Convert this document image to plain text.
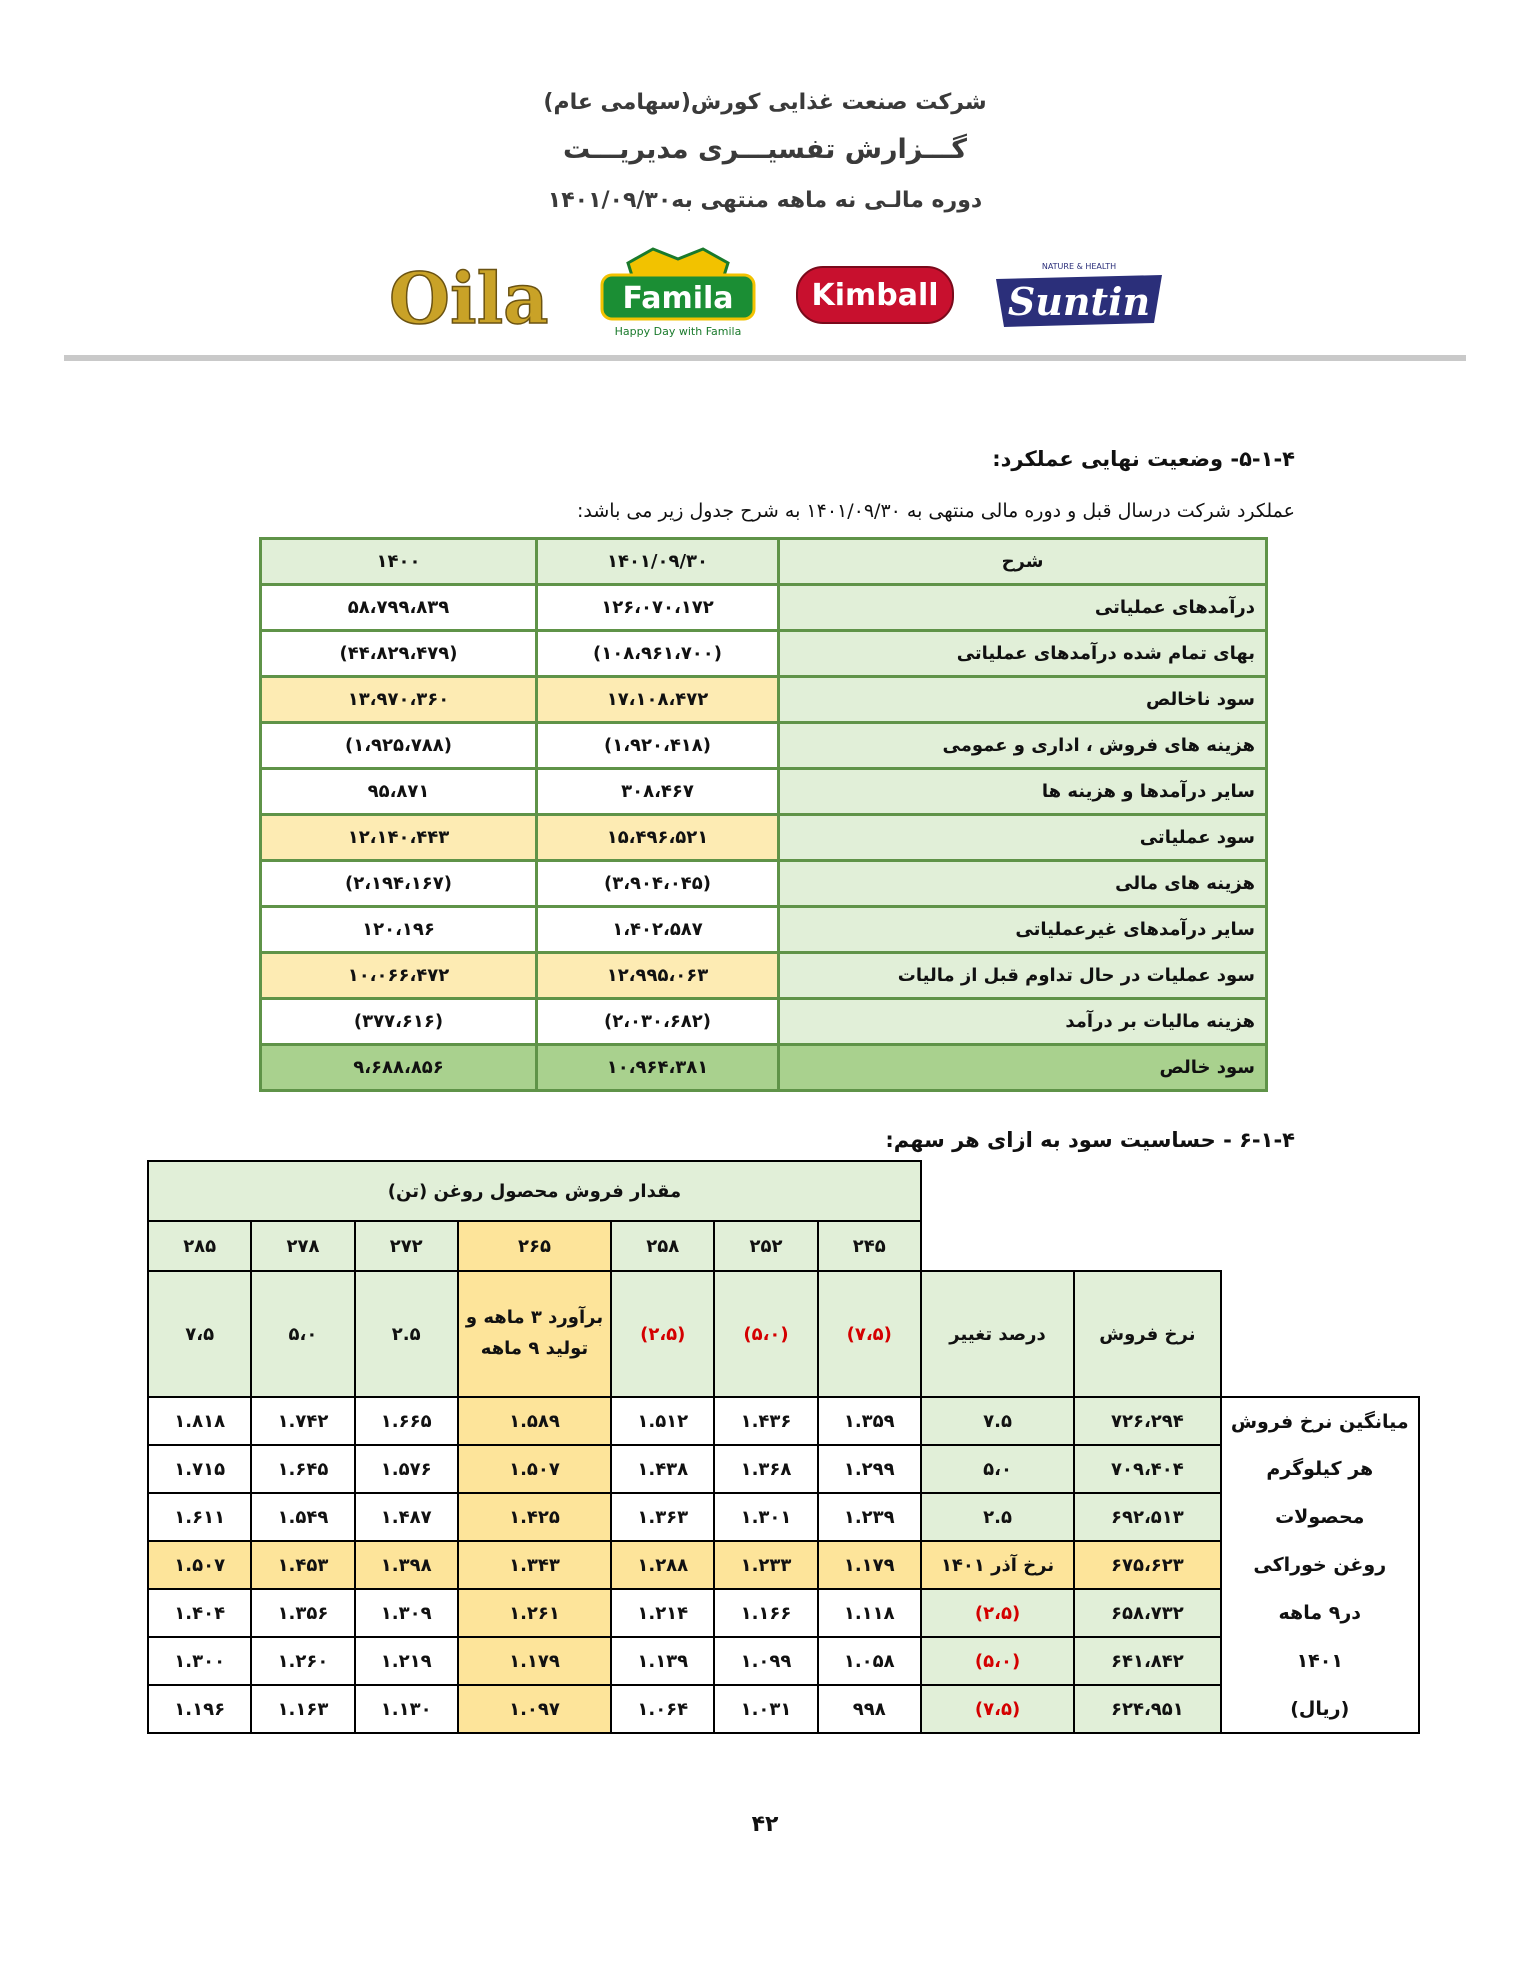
شرکت صنعت غذایی کورش(سهامی عام)
گـــزارش تفسیـــری مدیریـــت
دوره مالـی نه ماهه منتهی به۱۴۰۱/۰۹/۳۰
Oila Famila
Happy Day with Famila
Kimball
NATURE & HEALTH
Suntin
۵-۱-۴- وضعیت نهایی عملکرد:
عملکرد شرکت درسال قبل و دوره مالی منتهی به ۱۴۰۱/۰۹/۳۰ به شرح جدول زیر می باشد:
شرح	۱۴۰۱/۰۹/۳۰	۱۴۰۰
درآمدهای عملیاتی	۱۲۶،۰۷۰،۱۷۲	۵۸،۷۹۹،۸۳۹
بهای تمام شده درآمدهای عملیاتی	(۱۰۸،۹۶۱،۷۰۰)	(۴۴،۸۲۹،۴۷۹)
سود ناخالص	۱۷،۱۰۸،۴۷۲	۱۳،۹۷۰،۳۶۰
هزینه های فروش ، اداری و عمومی	(۱،۹۲۰،۴۱۸)	(۱،۹۲۵،۷۸۸)
سایر درآمدها و هزینه ها	۳۰۸،۴۶۷	۹۵،۸۷۱
سود عملیاتی	۱۵،۴۹۶،۵۲۱	۱۲،۱۴۰،۴۴۳
هزینه های مالی	(۳،۹۰۴،۰۴۵)	(۲،۱۹۴،۱۶۷)
سایر درآمدهای غیرعملیاتی	۱،۴۰۲،۵۸۷	۱۲۰،۱۹۶
سود عملیات در حال تداوم قبل از مالیات	۱۲،۹۹۵،۰۶۳	۱۰،۰۶۶،۴۷۲
هزینه مالیات بر درآمد	(۲،۰۳۰،۶۸۲)	(۳۷۷،۶۱۶)
سود خالص	۱۰،۹۶۴،۳۸۱	۹،۶۸۸،۸۵۶
۶-۱-۴ - حساسیت سود به ازای هر سهم:
			مقدار فروش محصول روغن (تن)						
			۲۴۵	۲۵۲	۲۵۸	۲۶۵	۲۷۲	۲۷۸	۲۸۵
	نرخ فروش	درصد تغییر	(۷،۵)	(۵،۰)	(۲،۵)	برآورد ۳ ماهه و تولید ۹ ماهه	۲.۵	۵،۰	۷،۵
میانگین نرخ فروش	۷۲۶،۲۹۴	۷.۵	۱.۳۵۹	۱.۴۳۶	۱.۵۱۲	۱.۵۸۹	۱.۶۶۵	۱.۷۴۲	۱.۸۱۸
هر کیلوگرم	۷۰۹،۴۰۴	۵،۰	۱.۲۹۹	۱.۳۶۸	۱.۴۳۸	۱.۵۰۷	۱.۵۷۶	۱.۶۴۵	۱.۷۱۵
محصولات	۶۹۲،۵۱۳	۲.۵	۱.۲۳۹	۱.۳۰۱	۱.۳۶۳	۱.۴۲۵	۱.۴۸۷	۱.۵۴۹	۱.۶۱۱
روغن خوراکی	۶۷۵،۶۲۳	نرخ آذر ۱۴۰۱	۱.۱۷۹	۱.۲۳۳	۱.۲۸۸	۱.۳۴۳	۱.۳۹۸	۱.۴۵۳	۱.۵۰۷
در۹ ماهه	۶۵۸،۷۳۲	(۲،۵)	۱.۱۱۸	۱.۱۶۶	۱.۲۱۴	۱.۲۶۱	۱.۳۰۹	۱.۳۵۶	۱.۴۰۴
۱۴۰۱	۶۴۱،۸۴۲	(۵،۰)	۱.۰۵۸	۱.۰۹۹	۱.۱۳۹	۱.۱۷۹	۱.۲۱۹	۱.۲۶۰	۱.۳۰۰
(ریال)	۶۲۴،۹۵۱	(۷،۵)	۹۹۸	۱.۰۳۱	۱.۰۶۴	۱.۰۹۷	۱.۱۳۰	۱.۱۶۳	۱.۱۹۶
۴۲
